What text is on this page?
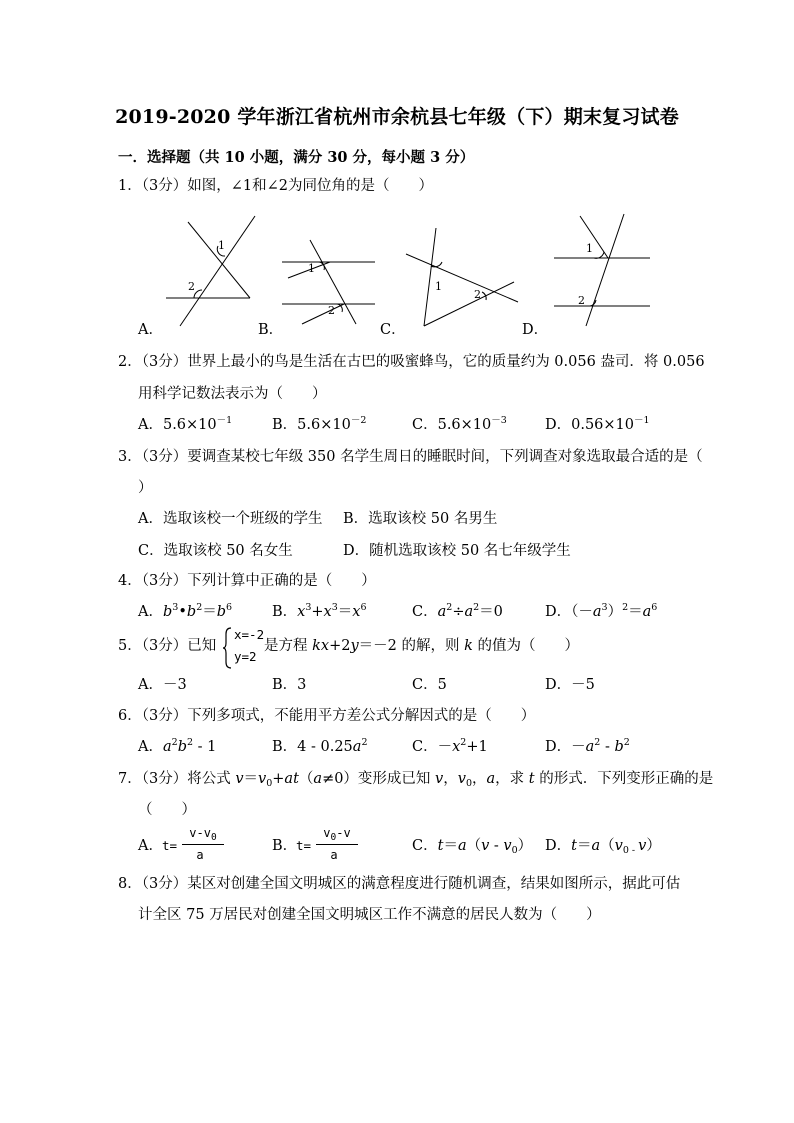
2019-2020 学年浙江省杭州市余杭县七年级（下）期末复习试卷
一．选择题（共 10 小题，满分 30 分，每小题 3 分）
1．（3分）如图，∠1和∠2为同位角的是（　　）
1
2
1
2
1
2
1
2
A．	B．	C．	D．
2．（3分）世界上最小的鸟是生活在古巴的吸蜜蜂鸟，它的质量约为 0.056 盎司．将 0.056
用科学记数法表示为（　　）
A．$5.6\times 10^{-1}$	B．$5.6\times 10^{-2}$	C．$5.6\times 10^{-3}$	D．$0.56\times 10^{-1}$
3．（3分）要调查某校七年级 350 名学生周日的睡眠时间，下列调查对象选取最合适的是（
）
A．选取该校一个班级的学生 B．选取该校 50 名男生
C．选取该校 50 名女生	D．随机选取该校 50 名七年级学生
4．（3分）下列计算中正确的是（　　）
A．$b^3•b^2=b^6$	B．$x^3+x^3=x^6$	C．$a^2\div a^2=0$	D．$(-a^3)^2=a^6$
5．（3分）已知
x=-2
y=2
是方程 kx+2y＝－2 的解，则 k 的值为（　　）
A．－3	B．3	C．5	D．－5
6．（3分）下列多项式，不能用平方差公式分解因式的是（　　）
A．$a^2b^2 - 1$	B．$4 - 0.25a^2$	C．$-x^2+1$	D．$-a^2 - b^2$
7．（3分）将公式 $v=v_0+at(a\ne 0)$变形成已知 v，$v_0$，a，求 t 的形式．下列变形正确的是
（　　）
A． t=
$v-v_0$
a
B．
t=
$v_0-v$
a
C．$t=a(v - v_0)$ D．$t=a(v_{0 -}$ v）
8．（3分）某区对创建全国文明城区的满意程度进行随机调查，结果如图所示，据此可估
计全区 75 万居民对创建全国文明城区工作不满意的居民人数为（　　）
